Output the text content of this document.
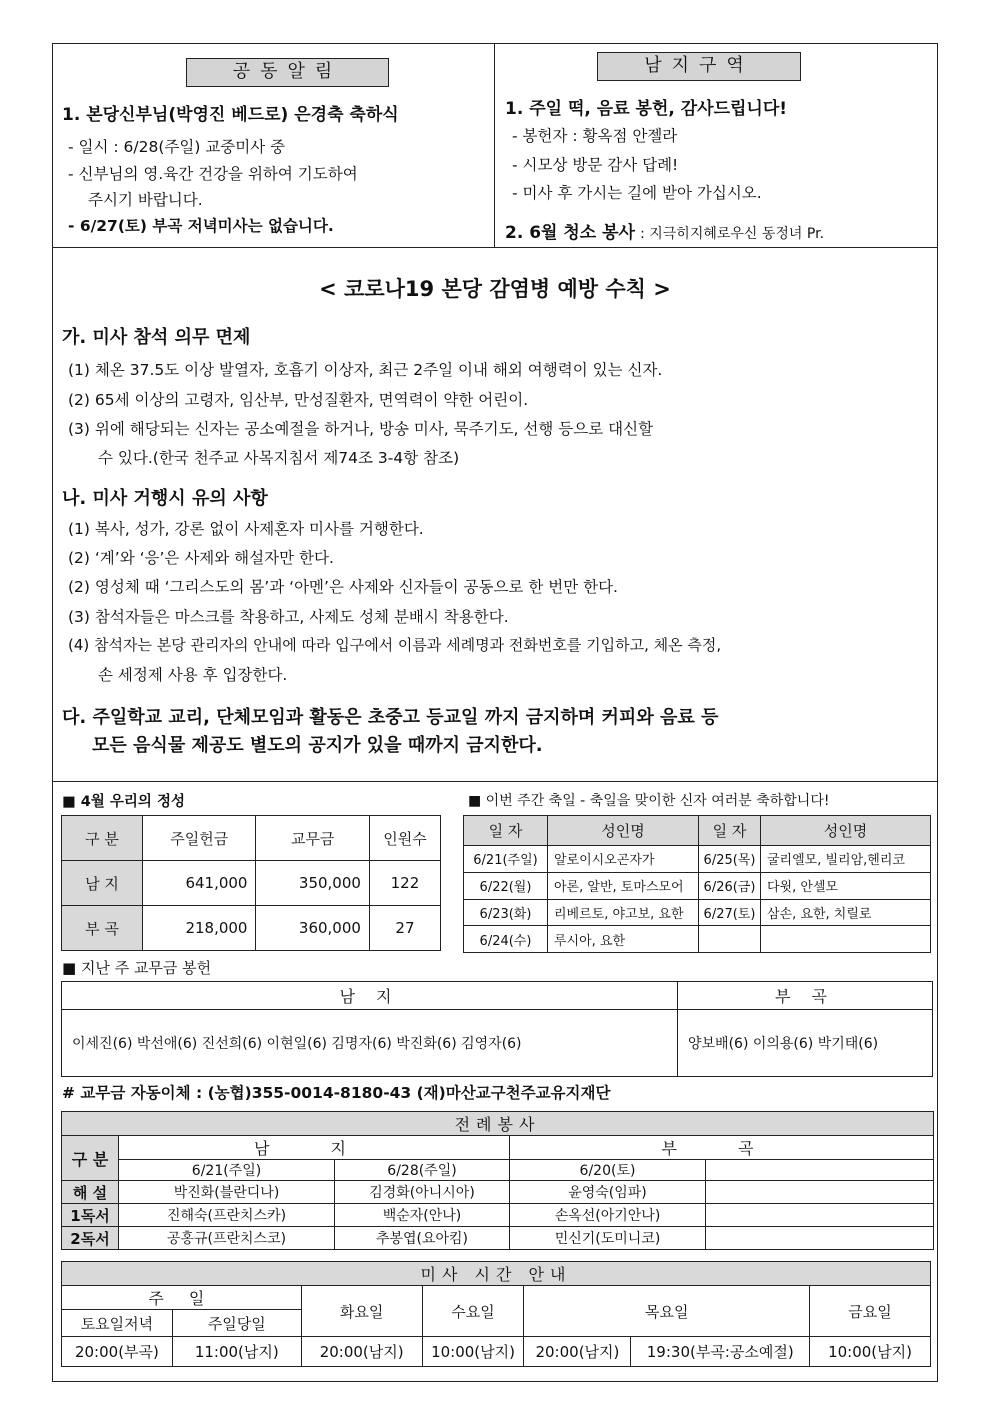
공동알림
1. 본당신부님(박영진 베드로) 은경축 축하식
- 일시 : 6/28(주일) 교중미사 중
- 신부님의 영.육간 건강을 위하여 기도하여
주시기 바랍니다.
- 6/27(토) 부곡 저녁미사는 없습니다.
남지구역
1. 주일 떡, 음료 봉헌, 감사드립니다!
- 봉헌자 : 황옥점 안젤라
- 시모상 방문 감사 답례!
- 미사 후 가시는 길에 받아 가십시오.
2. 6월 청소 봉사 : 지극히지혜로우신 동정녀 Pr.
< 코로나19 본당 감염병 예방 수칙 >
가. 미사 참석 의무 면제
(1) 체온 37.5도 이상 발열자, 호흡기 이상자, 최근 2주일 이내 해외 여행력이 있는 신자.
(2) 65세 이상의 고령자, 임산부, 만성질환자, 면역력이 약한 어린이.
(3) 위에 해당되는 신자는 공소예절을 하거나, 방송 미사, 묵주기도, 선행 등으로 대신할
수 있다.(한국 천주교 사목지침서 제74조 3-4항 참조)
나. 미사 거행시 유의 사항
(1) 복사, 성가, 강론 없이 사제혼자 미사를 거행한다.
(2) ‘계’와 ‘응’은 사제와 해설자만 한다.
(2) 영성체 때 ‘그리스도의 몸’과 ‘아멘’은 사제와 신자들이 공동으로 한 번만 한다.
(3) 참석자들은 마스크를 착용하고, 사제도 성체 분배시 착용한다.
(4) 참석자는 본당 관리자의 안내에 따라 입구에서 이름과 세례명과 전화번호를 기입하고, 체온 측정,
손 세정제 사용 후 입장한다.
다. 주일학교 교리, 단체모임과 활동은 초중고 등교일 까지 금지하며 커피와 음료 등
모든 음식물 제공도 별도의 공지가 있을 때까지 금지한다.
■ 4월 우리의 정성
구 분	주일헌금	교무금	인원수
남 지	641,000	350,000	122
부 곡	218,000	360,000	27
■ 이번 주간 축일 - 축일을 맞이한 신자 여러분 축하합니다!
일 자	성인명	일 자	성인명
6/21(주일)	알로이시오곤자가	6/25(목)	굴리엘모, 빌리암,헨리코
6/22(월)	아론, 알반, 토마스모어	6/26(금)	다윗, 안셀모
6/23(화)	리베르토, 야고보, 요한	6/27(토)	삼손, 요한, 치릴로
6/24(수)	루시아, 요한		
■ 지난 주 교무금 봉헌
남 지	부 곡
이세진(6) 박선애(6) 진선희(6) 이현일(6) 김명자(6) 박진화(6) 김영자(6)	양보배(6) 이의용(6) 박기태(6)
# 교무금 자동이체 : (농협)355-0014-8180-43 (재)마산교구천주교유지재단
전례봉사				
구 분	남 지		부 곡	
	6/21(주일)	6/28(주일)	6/20(토)	
해 설	박진화(블란디나)	김경화(아니시아)	윤영숙(임파)	
1독서	진해숙(프란치스카)	백순자(안나)	손옥선(아기안나)	
2독서	공홍규(프란치스코)	추봉엽(요아킴)	민신기(도미니코)	
미사 시간 안내						
주 일		화요일	수요일	목요일		금요일
토요일저녁	주일당일					
20:00(부곡)	11:00(남지)	20:00(남지)	10:00(남지)	20:00(남지)	19:30(부곡:공소예절)	10:00(남지)
